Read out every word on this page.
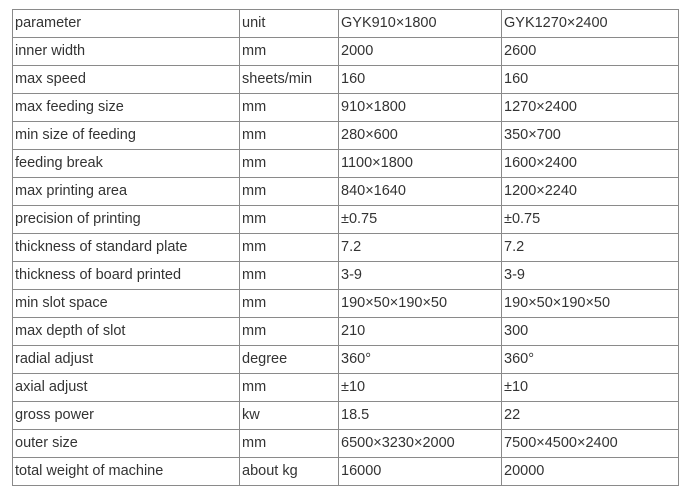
parameter	unit	GYK910×1800	GYK1270×2400
inner width	mm	2000	2600
max speed	sheets/min	160	160
max feeding size	mm	910×1800	1270×2400
min size of feeding	mm	280×600	350×700
feeding break	mm	1100×1800	1600×2400
max printing area	mm	840×1640	1200×2240
precision of printing	mm	±0.75	±0.75
thickness of standard plate	mm	7.2	7.2
thickness of board printed	mm	3-9	3-9
min slot space	mm	190×50×190×50	190×50×190×50
max depth of slot	mm	210	300
radial adjust	degree	360°	360°
axial adjust	mm	±10	±10
gross power	kw	18.5	22
outer size	mm	6500×3230×2000	7500×4500×2400
total weight of machine	about kg	16000	20000
